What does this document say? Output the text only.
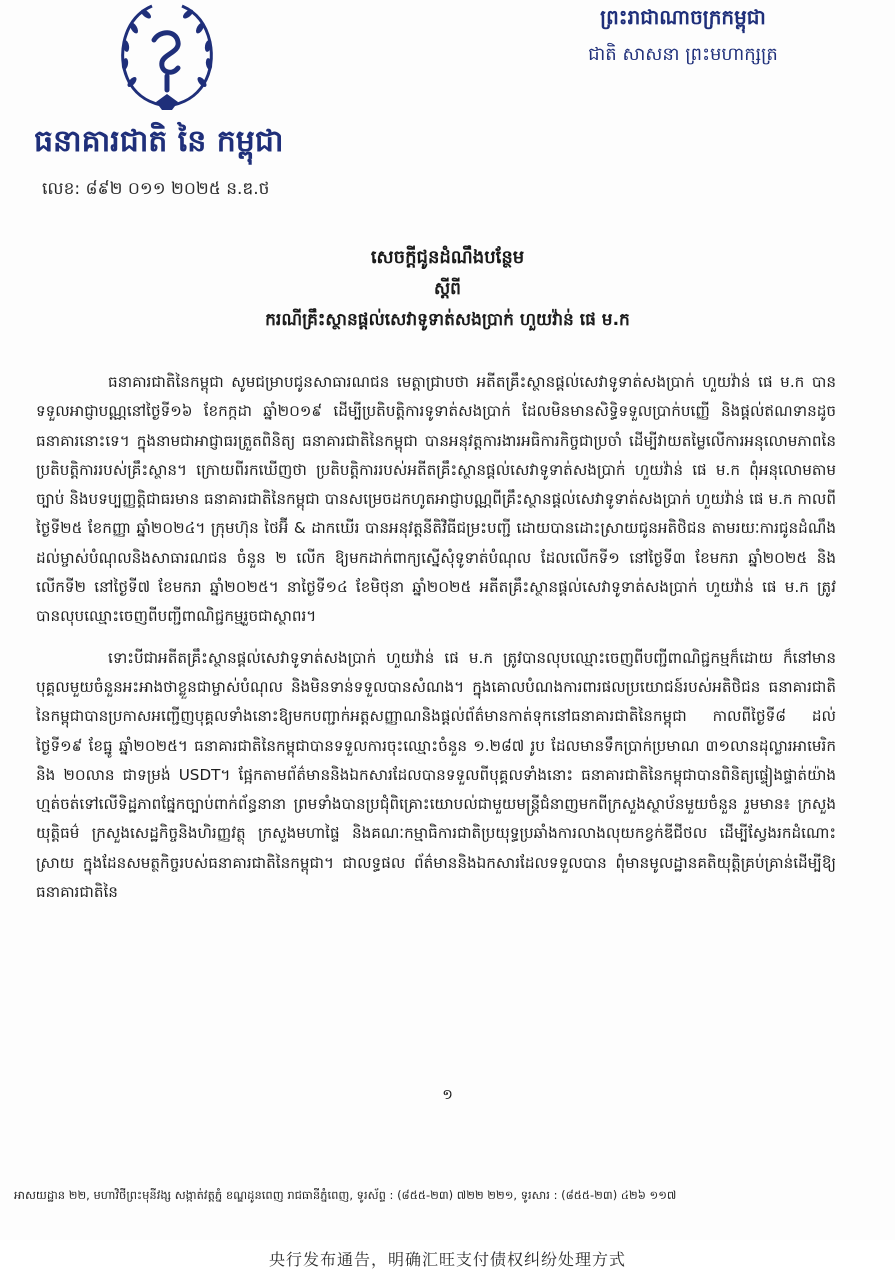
ធនាគារជាតិ នៃ កម្ពុជា
លេខ: ៨៩២ ០១១ ២០២៥ ន.ឌ.ថ
ព្រះរាជាណាចក្រកម្ពុជា
ជាតិ សាសនា ព្រះមហាក្សត្រ
សេចក្តីជូនដំណឹងបន្ថែម
ស្តីពី
ករណីគ្រឹះស្ថានផ្តល់សេវាទូទាត់សងប្រាក់ ហួយវ៉ាន់ ផេ ម.ក

ធនាគារជាតិនៃកម្ពុជា សូមជម្រាបជូនសាធារណជន មេត្តាជ្រាបថា អតីតគ្រឹះស្ថានផ្តល់សេវាទូទាត់សងប្រាក់ ហួយវ៉ាន់ ផេ ម.ក បានទទួលអាជ្ញាបណ្ណនៅថ្ងៃទី១៦ ខែកក្កដា ឆ្នាំ២០១៩ ដើម្បីប្រតិបត្តិការទូទាត់សងប្រាក់ ដែលមិនមានសិទ្ធិទទួលប្រាក់បញ្ញើ និងផ្តល់ឥណទានដូចធនាគារនោះទេ។ ក្នុងនាមជាអាជ្ញាធរត្រួតពិនិត្យ ធនាគារជាតិនៃកម្ពុជា បានអនុវត្តការងារអធិការកិច្ចជាប្រចាំ ដើម្បីវាយតម្លៃលើការអនុលោមភាពនៃប្រតិបត្តិការរបស់គ្រឹះស្ថាន។ ក្រោយពីរកឃើញថា ប្រតិបត្តិការរបស់អតីតគ្រឹះស្ថានផ្តល់សេវាទូទាត់សងប្រាក់ ហួយវ៉ាន់ ផេ ម.ក ពុំអនុលោមតាមច្បាប់ និងបទប្បញ្ញត្តិជាធរមាន ធនាគារជាតិនៃកម្ពុជា បានសម្រេចដកហូតអាជ្ញាបណ្ណពីគ្រឹះស្ថានផ្តល់សេវាទូទាត់សងប្រាក់ ហួយវ៉ាន់ ផេ ម.ក កាលពីថ្ងៃទី២៥ ខែកញ្ញា ឆ្នាំ២០២៤។ ក្រុមហ៊ុន ថៃអ៊ី & ដាកឃើរ បានអនុវត្តនីតិវិធីជម្រះបញ្ជី ដោយបានដោះស្រាយជូនអតិថិជន តាមរយៈការជូនដំណឹងដល់ម្ចាស់បំណុលនិងសាធារណជន ចំនួន ២ លើក ឱ្យមកដាក់ពាក្យស្នើសុំទូទាត់បំណុល ដែលលើកទី១ នៅថ្ងៃទី៣ ខែមករា ឆ្នាំ២០២៥ និងលើកទី២ នៅថ្ងៃទី៧ ខែមករា ឆ្នាំ២០២៥។ នាថ្ងៃទី១៤ ខែមិថុនា ឆ្នាំ២០២៥ អតីតគ្រឹះស្ថានផ្តល់សេវាទូទាត់សងប្រាក់ ហួយវ៉ាន់ ផេ ម.ក ត្រូវបានលុបឈ្មោះចេញពីបញ្ជីពាណិជ្ជកម្មរួចជាស្ថាពរ។

ទោះបីជាអតីតគ្រឹះស្ថានផ្តល់សេវាទូទាត់សងប្រាក់ ហួយវ៉ាន់ ផេ ម.ក ត្រូវបានលុបឈ្មោះចេញពីបញ្ជីពាណិជ្ជកម្មក៏ដោយ ក៏នៅមានបុគ្គលមួយចំនួនអះអាងថាខ្លួនជាម្ចាស់បំណុល និងមិនទាន់ទទួលបានសំណង។ ក្នុងគោលបំណងការពារផលប្រយោជន៍របស់អតិថិជន ធនាគារជាតិនៃកម្ពុជាបានប្រកាសអញ្ជើញបុគ្គលទាំងនោះឱ្យមកបញ្ជាក់អត្តសញ្ញាណនិងផ្តល់ព័ត៌មានកាត់ទុកនៅធនាគារជាតិនៃកម្ពុជា កាលពីថ្ងៃទី៨ ដល់ថ្ងៃទី១៩ ខែធ្នូ ឆ្នាំ២០២៥។ ធនាគារជាតិនៃកម្ពុជាបានទទួលការចុះឈ្មោះចំនួន ១.២៨៧ រូប ដែលមានទឹកប្រាក់ប្រមាណ ៣១លានដុល្លារអាមេរិក និង ២០លាន ជាទម្រង់ USDT។ ផ្អែកតាមព័ត៌មាននិងឯកសារដែលបានទទួលពីបុគ្គលទាំងនោះ ធនាគារជាតិនៃកម្ពុជាបានពិនិត្យផ្ទៀងផ្ទាត់យ៉ាងហ្មត់ចត់ទៅលើទិដ្ឋភាពផ្នែកច្បាប់ពាក់ព័ន្ធនានា ព្រមទាំងបានប្រជុំពិគ្រោះយោបល់ជាមួយមន្ត្រីជំនាញមកពីក្រសួងស្ថាប័នមួយចំនួន រួមមាន៖ ក្រសួងយុត្តិធម៌ ក្រសួងសេដ្ឋកិច្ចនិងហិរញ្ញវត្ថុ ក្រសួងមហាផ្ទៃ និងគណៈកម្មាធិការជាតិប្រយុទ្ធប្រឆាំងការលាងលុយកខ្វក់ឌីជីថល ដើម្បីស្វែងរកដំណោះស្រាយ ក្នុងដែនសមត្ថកិច្ចរបស់ធនាគារជាតិនៃកម្ពុជា។ ជាលទ្ធផល ព័ត៌មាននិងឯកសារដែលទទួលបាន ពុំមានមូលដ្ឋានគតិយុត្តិគ្រប់គ្រាន់ដើម្បីឱ្យធនាគារជាតិនៃ

១
អាសយដ្ឋាន ២២, មហាវិថីព្រះមុនីវង្ស សង្កាត់វត្តភ្នំ ខណ្ឌដូនពេញ រាជធានីភ្នំពេញ, ទូរស័ព្ទ : (៨៥៥-២៣) ៧២២ ២២១, ទូរសារ : (៨៥៥-២៣) ៤២៦ ១១៧
央行发布通告，明确汇旺支付债权纠纷处理方式
